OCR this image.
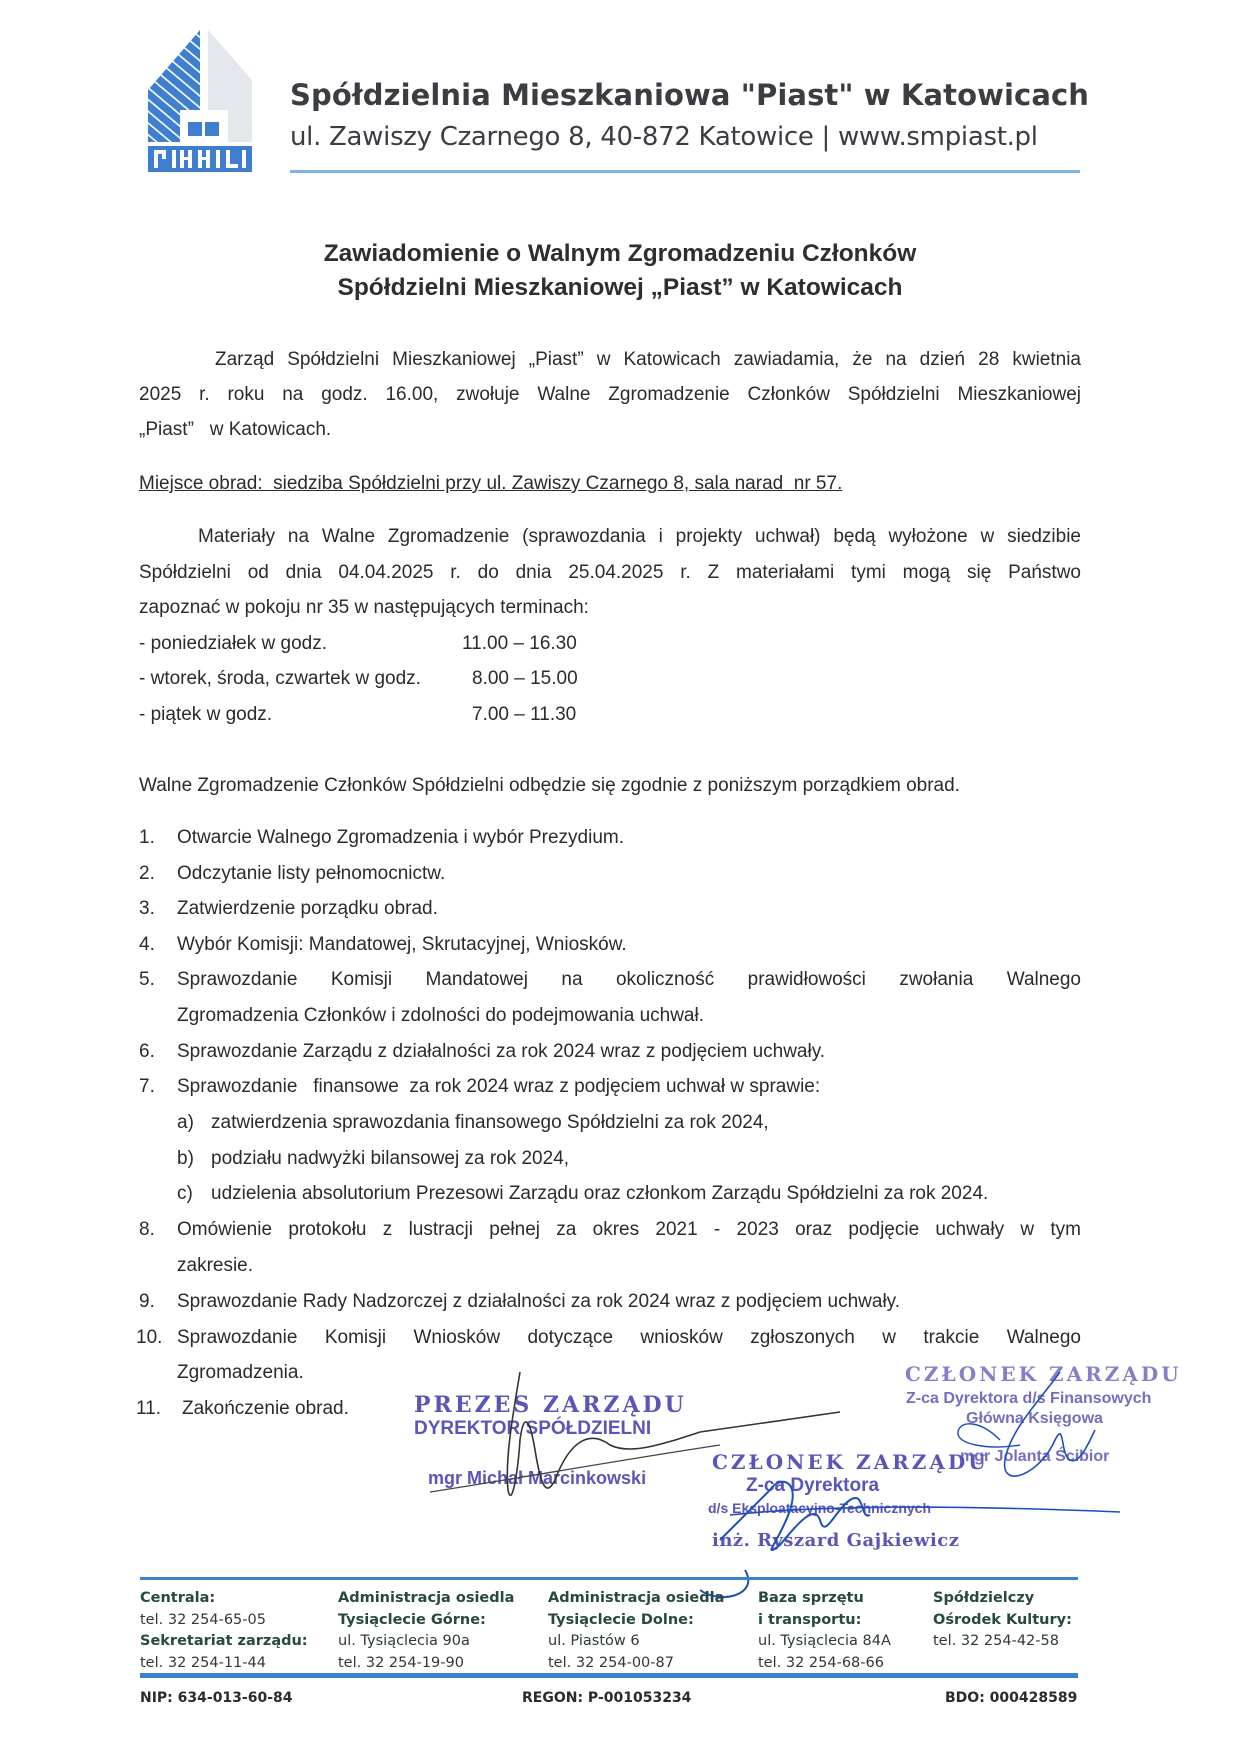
Spółdzielnia Mieszkaniowa "Piast" w Katowicach
ul. Zawiszy Czarnego 8, 40-872 Katowice | www.smpiast.pl
Zawiadomienie o Walnym Zgromadzeniu Członków
Spółdzielni Mieszkaniowej „Piast” w Katowicach
Zarząd Spółdzielni Mieszkaniowej „Piast” w Katowicach zawiadamia, że na dzień 28 kwietnia
2025 r. roku na godz. 16.00, zwołuje Walne Zgromadzenie Członków Spółdzielni Mieszkaniowej
„Piast”   w Katowicach.
Miejsce obrad:  siedziba Spółdzielni przy ul. Zawiszy Czarnego 8, sala narad  nr 57.
Materiały na Walne Zgromadzenie (sprawozdania i projekty uchwał) będą wyłożone w siedzibie
Spółdzielni od dnia 04.04.2025 r. do dnia 25.04.2025 r. Z materiałami tymi mogą się Państwo
zapoznać w pokoju nr 35 w następujących terminach:
- poniedziałek w godz.	11.00 – 16.30
- wtorek, środa, czwartek w godz.	8.00 – 15.00
- piątek w godz.	7.00 – 11.30
Walne Zgromadzenie Członków Spółdzielni odbędzie się zgodnie z poniższym porządkiem obrad.
1. Otwarcie Walnego Zgromadzenia i wybór Prezydium.
2. Odczytanie listy pełnomocnictw.
3. Zatwierdzenie porządku obrad.
4. Wybór Komisji: Mandatowej, Skrutacyjnej, Wniosków.
5. Sprawozdanie Komisji Mandatowej na okoliczność prawidłowości zwołania Walnego
Zgromadzenia Członków i zdolności do podejmowania uchwał.
6. Sprawozdanie Zarządu z działalności za rok 2024 wraz z podjęciem uchwały.
7. Sprawozdanie   finansowe  za rok 2024 wraz z podjęciem uchwał w sprawie:
a) zatwierdzenia sprawozdania finansowego Spółdzielni za rok 2024,
b) podziału nadwyżki bilansowej za rok 2024,
c) udzielenia absolutorium Prezesowi Zarządu oraz członkom Zarządu Spółdzielni za rok 2024.
8. Omówienie protokołu z lustracji pełnej za okres 2021 - 2023 oraz podjęcie uchwały w tym
zakresie.
9. Sprawozdanie Rady Nadzorczej z działalności za rok 2024 wraz z podjęciem uchwały.
10. Sprawozdanie Komisji Wniosków dotyczące wniosków zgłoszonych w trakcie Walnego
Zgromadzenia.
11. Zakończenie obrad.	PREZES ZARZĄDU
DYREKTOR SPÓŁDZIELNI
mgr Michał Marcinkowski
CZŁONEK ZARZĄDU
Z-ca Dyrektora
d/s Eksploatacyjno-Technicznych
inż. Ryszard Gajkiewicz
CZŁONEK ZARZĄDU
Z-ca Dyrektora d/s Finansowych
Główna Księgowa
mgr Jolanta Ścibior
Centrala:
tel. 32 254-65-05
Sekretariat zarządu:
tel. 32 254-11-44
Administracja osiedla
Tysiąclecie Górne:
ul. Tysiąclecia 90a
tel. 32 254-19-90
Administracja osiedla
Tysiąclecie Dolne:
ul. Piastów 6
tel. 32 254-00-87
Baza sprzętu
i transportu:
ul. Tysiąclecia 84A
tel. 32 254-68-66
Spółdzielczy
Ośrodek Kultury:
tel. 32 254-42-58
NIP: 634-013-60-84	REGON: P-001053234	BDO: 000428589
